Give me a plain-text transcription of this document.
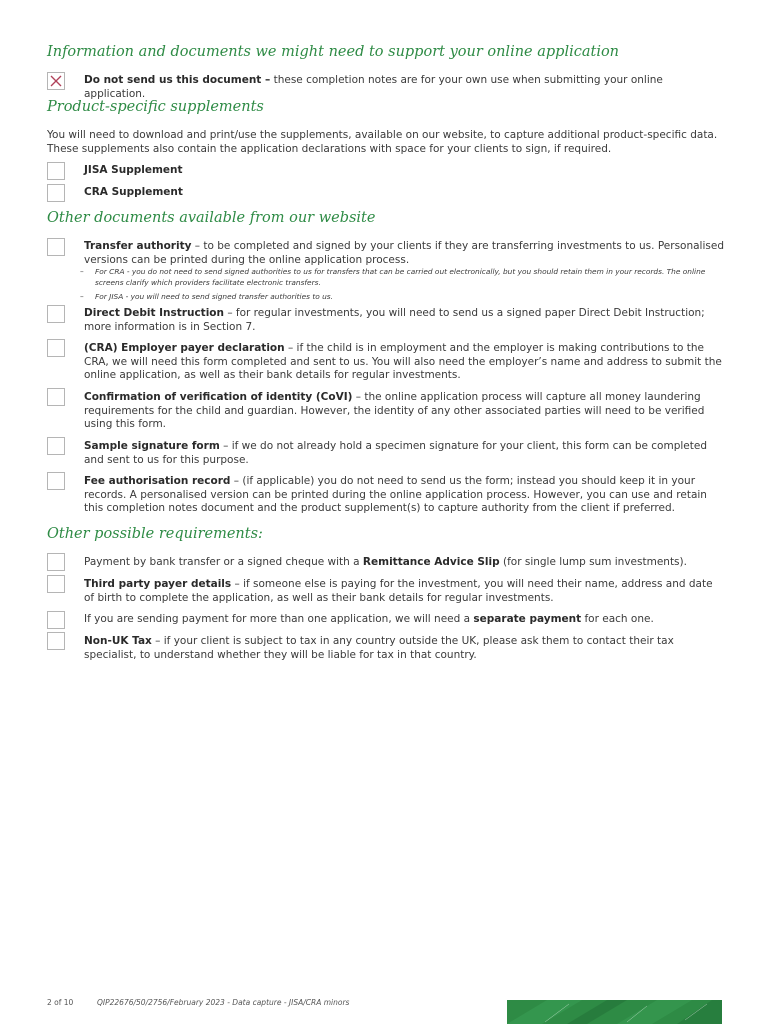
Information and documents we might need to support your online application
Do not send us this document – these completion notes are for your own use when submitting your online application.
Product-specific supplements
You will need to download and print/use the supplements, available on our website, to capture additional product-specific data. These supplements also contain the application declarations with space for your clients to sign, if required.
JISA Supplement
CRA Supplement
Other documents available from our website
Transfer authority – to be completed and signed by your clients if they are transferring investments to us. Personalised versions can be printed during the online application process.
–	For CRA - you do not need to send signed authorities to us for transfers that can be carried out electronically, but you should retain them in your records. The online screens clarify which providers facilitate electronic transfers.
–	For JISA - you will need to send signed transfer authorities to us.
Direct Debit Instruction – for regular investments, you will need to send us a signed paper Direct Debit Instruction; more information is in Section 7.
(CRA) Employer payer declaration – if the child is in employment and the employer is making contributions to the CRA, we will need this form completed and sent to us. You will also need the employer’s name and address to submit the online application, as well as their bank details for regular investments.
Confirmation of verification of identity (CoVI) – the online application process will capture all money laundering requirements for the child and guardian. However, the identity of any other associated parties will need to be verified using this form.
Sample signature form – if we do not already hold a specimen signature for your client, this form can be completed and sent to us for this purpose.
Fee authorisation record – (if applicable) you do not need to send us the form; instead you should keep it in your records. A personalised version can be printed during the online application process. However, you can use and retain this completion notes document and the product supplement(s) to capture authority from the client if preferred.
Other possible requirements:
Payment by bank transfer or a signed cheque with a Remittance Advice Slip (for single lump sum investments).
Third party payer details – if someone else is paying for the investment, you will need their name, address and date of birth to complete the application, as well as their bank details for regular investments.
If you are sending payment for more than one application, we will need a separate payment for each one.
Non-UK Tax – if your client is subject to tax in any country outside the UK, please ask them to contact their tax specialist, to understand whether they will be liable for tax in that country.
2 of 10	QIP22676/50/2756/February 2023 - Data capture - JISA/CRA minors
